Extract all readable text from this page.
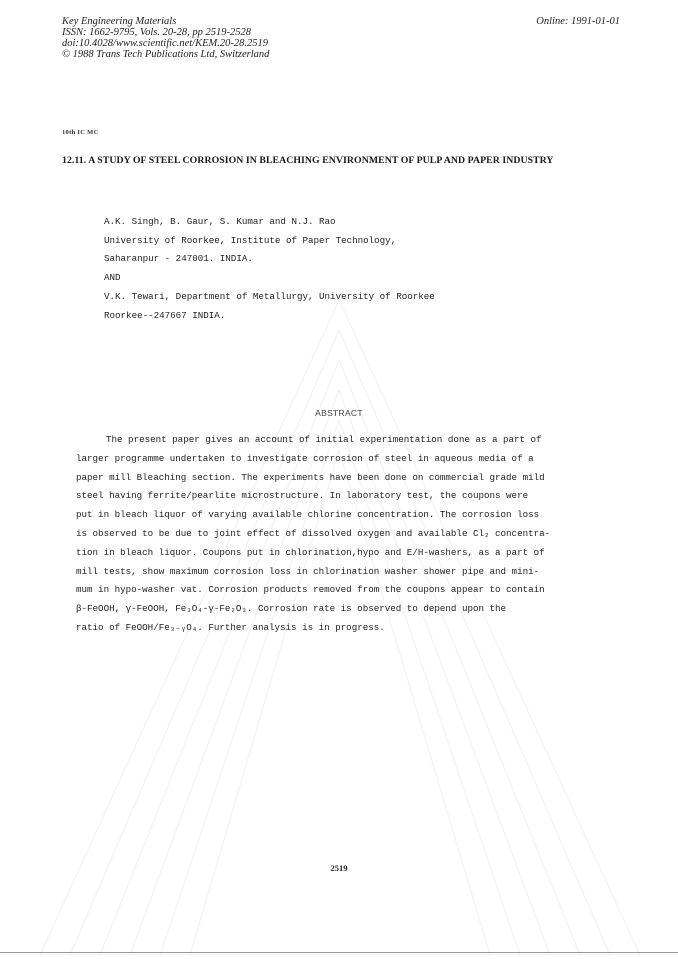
Key Engineering Materials
ISSN: 1662-9795, Vols. 20-28, pp 2519-2528
doi:10.4028/www.scientific.net/KEM.20-28.2519
© 1988 Trans Tech Publications Ltd, Switzerland
Online: 1991-01-01
10th IC MC
12.11. A STUDY OF STEEL CORROSION IN BLEACHING ENVIRONMENT OF PULP AND PAPER INDUSTRY
A.K. Singh, B. Gaur, S. Kumar and N.J. Rao
University of Roorkee, Institute of Paper Technology,
Saharanpur - 247001. INDIA.
AND
V.K. Tewari, Department of Metallurgy, University of Roorkee
Roorkee--247667 INDIA.
ABSTRACT
The present paper gives an account of initial experimentation done as a part of
larger programme undertaken to investigate corrosion of steel in aqueous media of a
paper mill Bleaching section. The experiments have been done on commercial grade mild
steel having ferrite/pearlite microstructure. In laboratory test, the coupons were
put in bleach liquor of varying available chlorine concentration. The corrosion loss
is observed to be due to joint effect of dissolved oxygen and available Cl₂ concentra-
tion in bleach liquor. Coupons put in chlorination,hypo and E/H-washers, as a part of
mill tests, show maximum corrosion loss in chlorination washer shower pipe and mini-
mum in hypo-washer vat. Corrosion products removed from the coupons appear to contain
β-FeOOH, γ-FeOOH, Fe₃O₄-γ-Fe₂O₃. Corrosion rate is observed to depend upon the
ratio of FeOOH/Fe₃₋ᵧO₄. Further analysis is in progress.
2519
